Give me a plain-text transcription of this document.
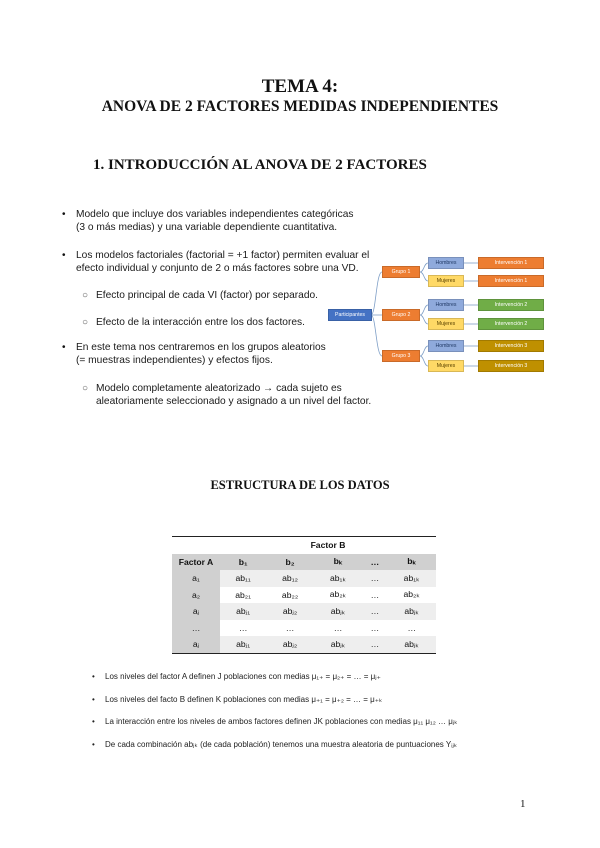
TEMA 4:
ANOVA DE 2 FACTORES MEDIDAS INDEPENDIENTES
1. INTRODUCCIÓN AL ANOVA DE 2 FACTORES
• Modelo que incluye dos variables independientes categóricas
(3 o más medias) y una variable dependiente cuantitativa.
• Los modelos factoriales (factorial = +1 factor) permiten evaluar el
efecto individual y conjunto de 2 o más factores sobre una VD.
○ Efecto principal de cada VI (factor) por separado.
○ Efecto de la interacción entre los dos factores.
• En este tema nos centraremos en los grupos aleatorios
(= muestras independientes) y efectos fijos.
○ Modelo completamente aleatorizado → cada sujeto es
aleatoriamente seleccionado y asignado a un nivel del factor.
Participantes
Grupo 1
Grupo 2
Grupo 3
Hombres
Mujeres
Hombres
Mujeres
Hombres
Mujeres
Intervención 1
Intervención 1
Intervención 2
Intervención 2
Intervención 3
Intervención 3
ESTRUCTURA DE LOS DATOS
	Factor B				
Factor A	b₁	b₂	bₖ	…	bₖ
a₁	ab₁₁	ab₁₂	ab₁ₖ	…	ab₁ₖ
a₂	ab₂₁	ab₂₂	ab₂ₖ	…	ab₂ₖ
aⱼ	abⱼ₁	abⱼ₂	abⱼₖ	…	abⱼₖ
…	…	…	…	…	…
aⱼ	abⱼ₁	abⱼ₂	abⱼₖ	…	abⱼₖ
• Los niveles del factor A definen J poblaciones con medias μ₁₊ = μ₂₊ = … = μⱼ₊
• Los niveles del facto B definen K poblaciones con medias μ₊₁ = μ₊₂ = … = μ₊ₖ
• La interacción entre los niveles de ambos factores definen JK poblaciones con medias μ₁₁ μ₁₂ … μⱼₖ
• De cada combinación abⱼₖ (de cada población) tenemos una muestra aleatoria de puntuaciones Yᵢⱼₖ
1
